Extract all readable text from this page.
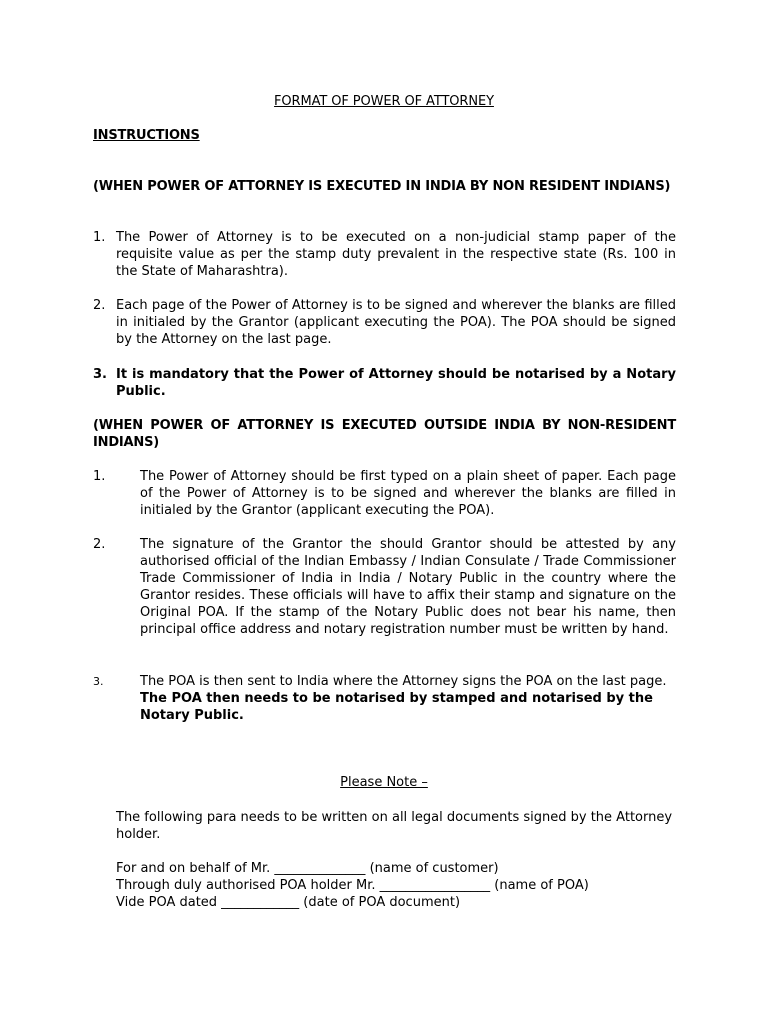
FORMAT OF POWER OF ATTORNEY
INSTRUCTIONS
(WHEN POWER OF ATTORNEY IS EXECUTED IN INDIA BY NON RESIDENT INDIANS)
1. The Power of Attorney is to be executed on a non-judicial stamp paper of the requisite value as per the stamp duty prevalent in the respective state (Rs. 100 in the State of Maharashtra).
2. Each page of the Power of Attorney is to be signed and wherever the blanks are filled in initialed by the Grantor (applicant executing the POA). The POA should be signed by the Attorney on the last page.
3. It is mandatory that the Power of Attorney should be notarised by a Notary Public.
(WHEN POWER OF ATTORNEY IS EXECUTED OUTSIDE INDIA BY NON-RESIDENT INDIANS)
1.	The Power of Attorney should be first typed on a plain sheet of paper. Each page of the Power of Attorney is to be signed and wherever the blanks are filled in initialed by the Grantor (applicant executing the POA).
2.	The signature of the Grantor the should Grantor should be attested by any authorised official of the Indian Embassy / Indian Consulate / Trade Commissioner Trade Commissioner of India in India / Notary Public in the country where the Grantor resides. These officials will have to affix their stamp and signature on the Original POA. If the stamp of the Notary Public does not bear his name, then principal office address and notary registration number must be written by hand.
3.	The POA is then sent to India where the Attorney signs the POA on the last page.
The POA then needs to be notarised by stamped and notarised by the Notary Public.
Please Note –
The following para needs to be written on all legal documents signed by the Attorney holder.
For and on behalf of Mr. ______________ (name of customer)
Through duly authorised POA holder Mr. _________________ (name of POA)
Vide POA dated ____________ (date of POA document)
